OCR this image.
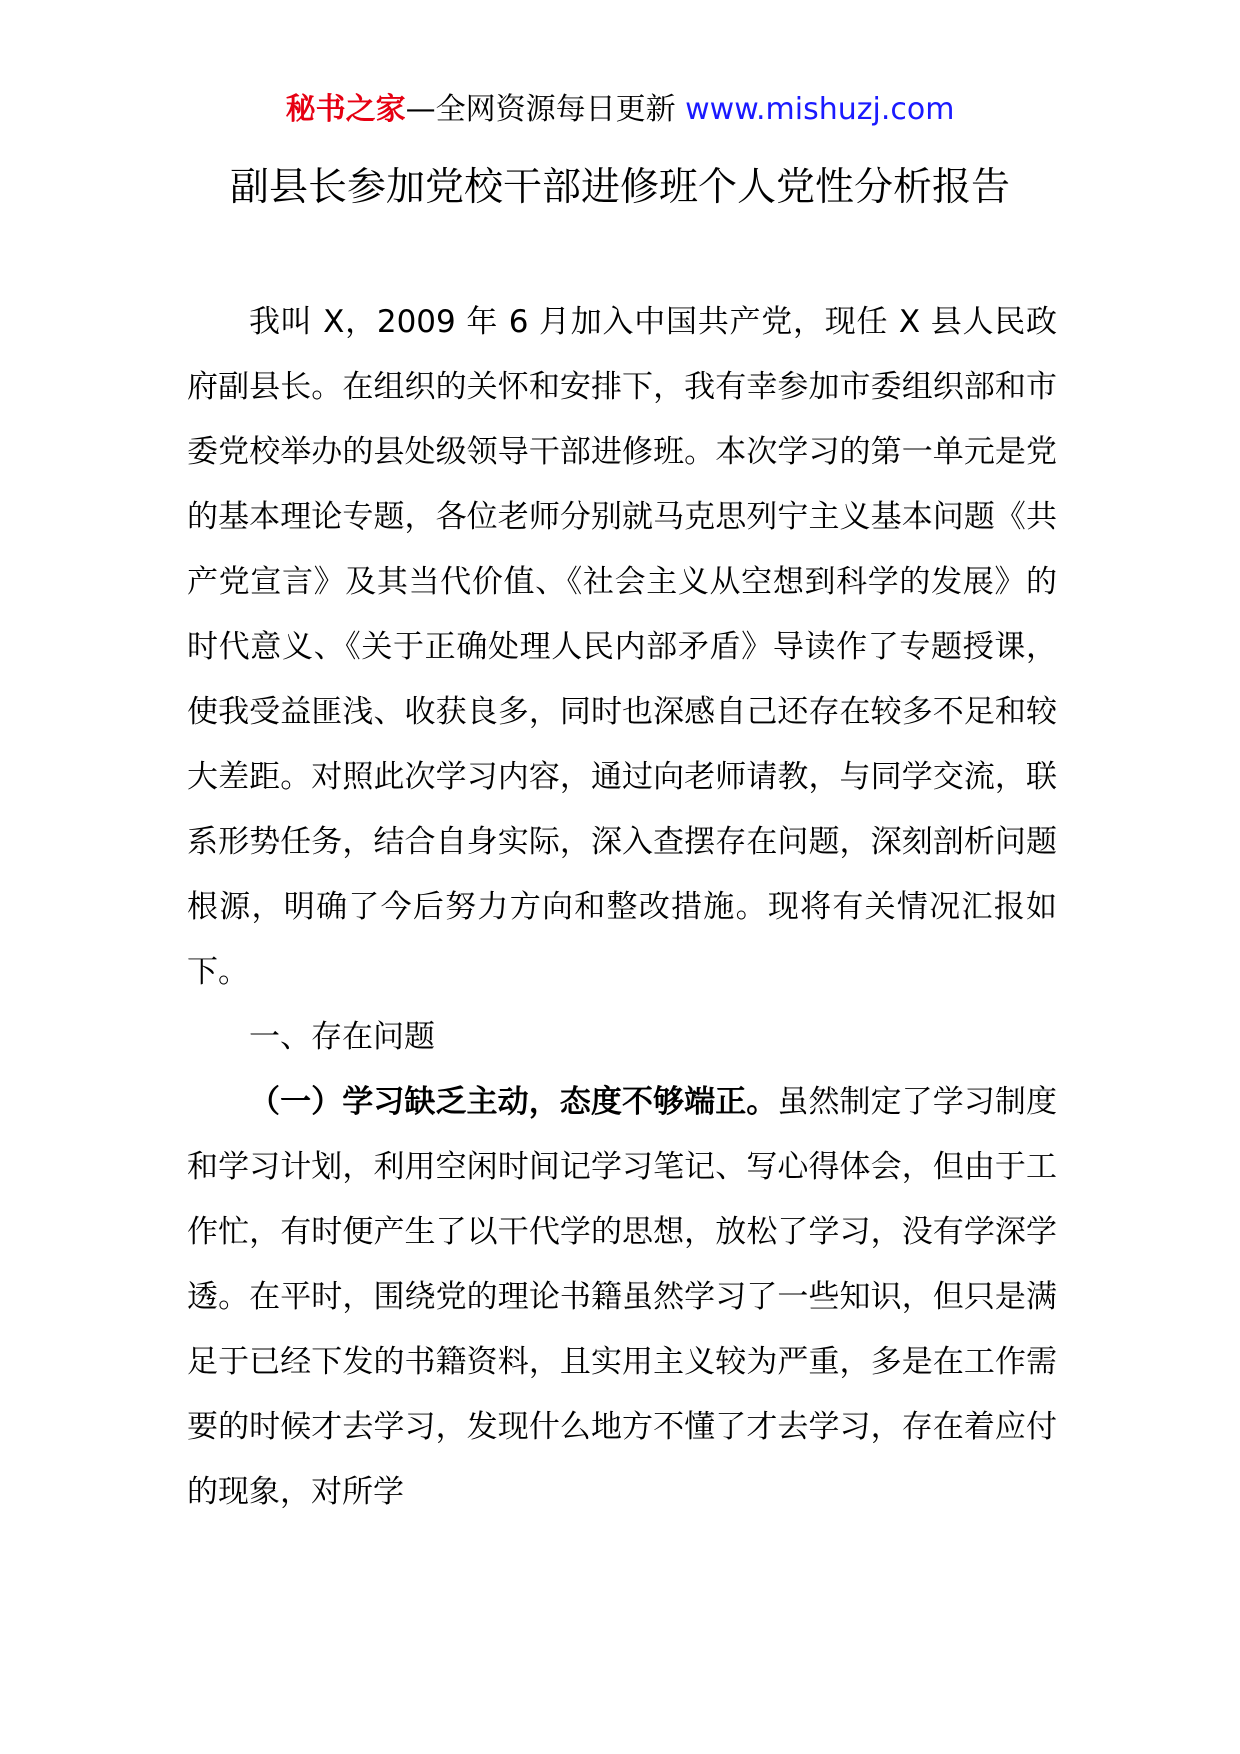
秘书之家—全网资源每日更新 www.mishuzj.com
副县长参加党校干部进修班个人党性分析报告

我叫 X，2009 年 6 月加入中国共产党，现任 X 县人民政府副县长。在组织的关怀和安排下，我有幸参加市委组织部和市委党校举办的县处级领导干部进修班。本次学习的第一单元是党的基本理论专题，各位老师分别就马克思列宁主义基本问题《共产党宣言》及其当代价值、《社会主义从空想到科学的发展》的时代意义、《关于正确处理人民内部矛盾》导读作了专题授课，使我受益匪浅、收获良多，同时也深感自己还存在较多不足和较大差距。对照此次学习内容，通过向老师请教，与同学交流，联系形势任务，结合自身实际，深入查摆存在问题，深刻剖析问题根源，明确了今后努力方向和整改措施。现将有关情况汇报如下。

一、存在问题

（一）学习缺乏主动，态度不够端正。虽然制定了学习制度和学习计划，利用空闲时间记学习笔记、写心得体会，但由于工作忙，有时便产生了以干代学的思想，放松了学习，没有学深学透。在平时，围绕党的理论书籍虽然学习了一些知识，但只是满足于已经下发的书籍资料，且实用主义较为严重，多是在工作需要的时候才去学习，发现什么地方不懂了才去学习，存在着应付的现象，对所学
